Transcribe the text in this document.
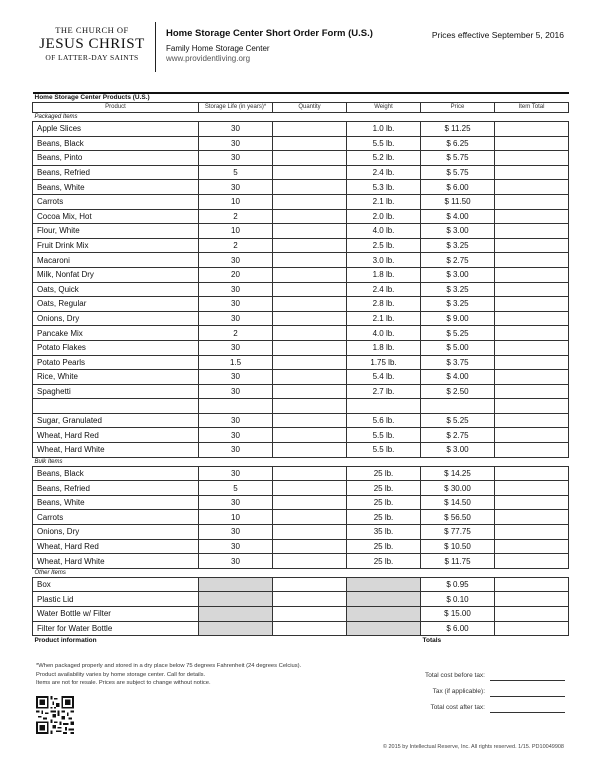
THE CHURCH OF
JESUS CHRIST
OF LATTER-DAY SAINTS
Home Storage Center Short Order Form (U.S.)
Family Home Storage Center
www.providentliving.org
Prices effective September 5, 2016
Home Storage Center Products (U.S.)					
Product	Storage Life (in years)*	Quantity	Weight	Price	Item Total
Packaged Items					
Apple Slices	30		1.0 lb.	$ 11.25	
Beans, Black	30		5.5 lb.	$ 6.25	
Beans, Pinto	30		5.2 lb.	$ 5.75	
Beans, Refried	5		2.4 lb.	$ 5.75	
Beans, White	30		5.3 lb.	$ 6.00	
Carrots	10		2.1 lb.	$ 11.50	
Cocoa Mix, Hot	2		2.0 lb.	$ 4.00	
Flour, White	10		4.0 lb.	$ 3.00	
Fruit Drink Mix	2		2.5 lb.	$ 3.25	
Macaroni	30		3.0 lb.	$ 2.75	
Milk, Nonfat Dry	20		1.8 lb.	$ 3.00	
Oats, Quick	30		2.4 lb.	$ 3.25	
Oats, Regular	30		2.8 lb.	$ 3.25	
Onions, Dry	30		2.1 lb.	$ 9.00	
Pancake Mix	2		4.0 lb.	$ 5.25	
Potato Flakes	30		1.8 lb.	$ 5.00	
Potato Pearls	1.5		1.75 lb.	$ 3.75	
Rice, White	30		5.4 lb.	$ 4.00	
Spaghetti	30		2.7 lb.	$ 2.50	

Sugar, Granulated	30		5.6 lb.	$ 5.25	
Wheat, Hard Red	30		5.5 lb.	$ 2.75	
Wheat, Hard White	30		5.5 lb.	$ 3.00	
Bulk Items					
Beans, Black	30		25 lb.	$ 14.25	
Beans, Refried	5		25 lb.	$ 30.00	
Beans, White	30		25 lb.	$ 14.50	
Carrots	10		25 lb.	$ 56.50	
Onions, Dry	30		35 lb.	$ 77.75	
Wheat, Hard Red	30		25 lb.	$ 10.50	
Wheat, Hard White	30		25 lb.	$ 11.75	
Other Items					
Box				$ 0.95	
Plastic Lid				$ 0.10	
Water Bottle w/ Filter				$ 15.00	
Filter for Water Bottle				$ 6.00	
Product information				Totals	
*When packaged properly and stored in a dry place below 75 degrees Fahrenheit (24 degrees Celcius).
Product availability varies by home storage center. Call for details.
Items are not for resale. Prices are subject to change without notice.
Total cost before tax:
Tax (if applicable):
Total cost after tax:
© 2015 by Intellectual Reserve, Inc. All rights reserved. 1/15. PD10049908
